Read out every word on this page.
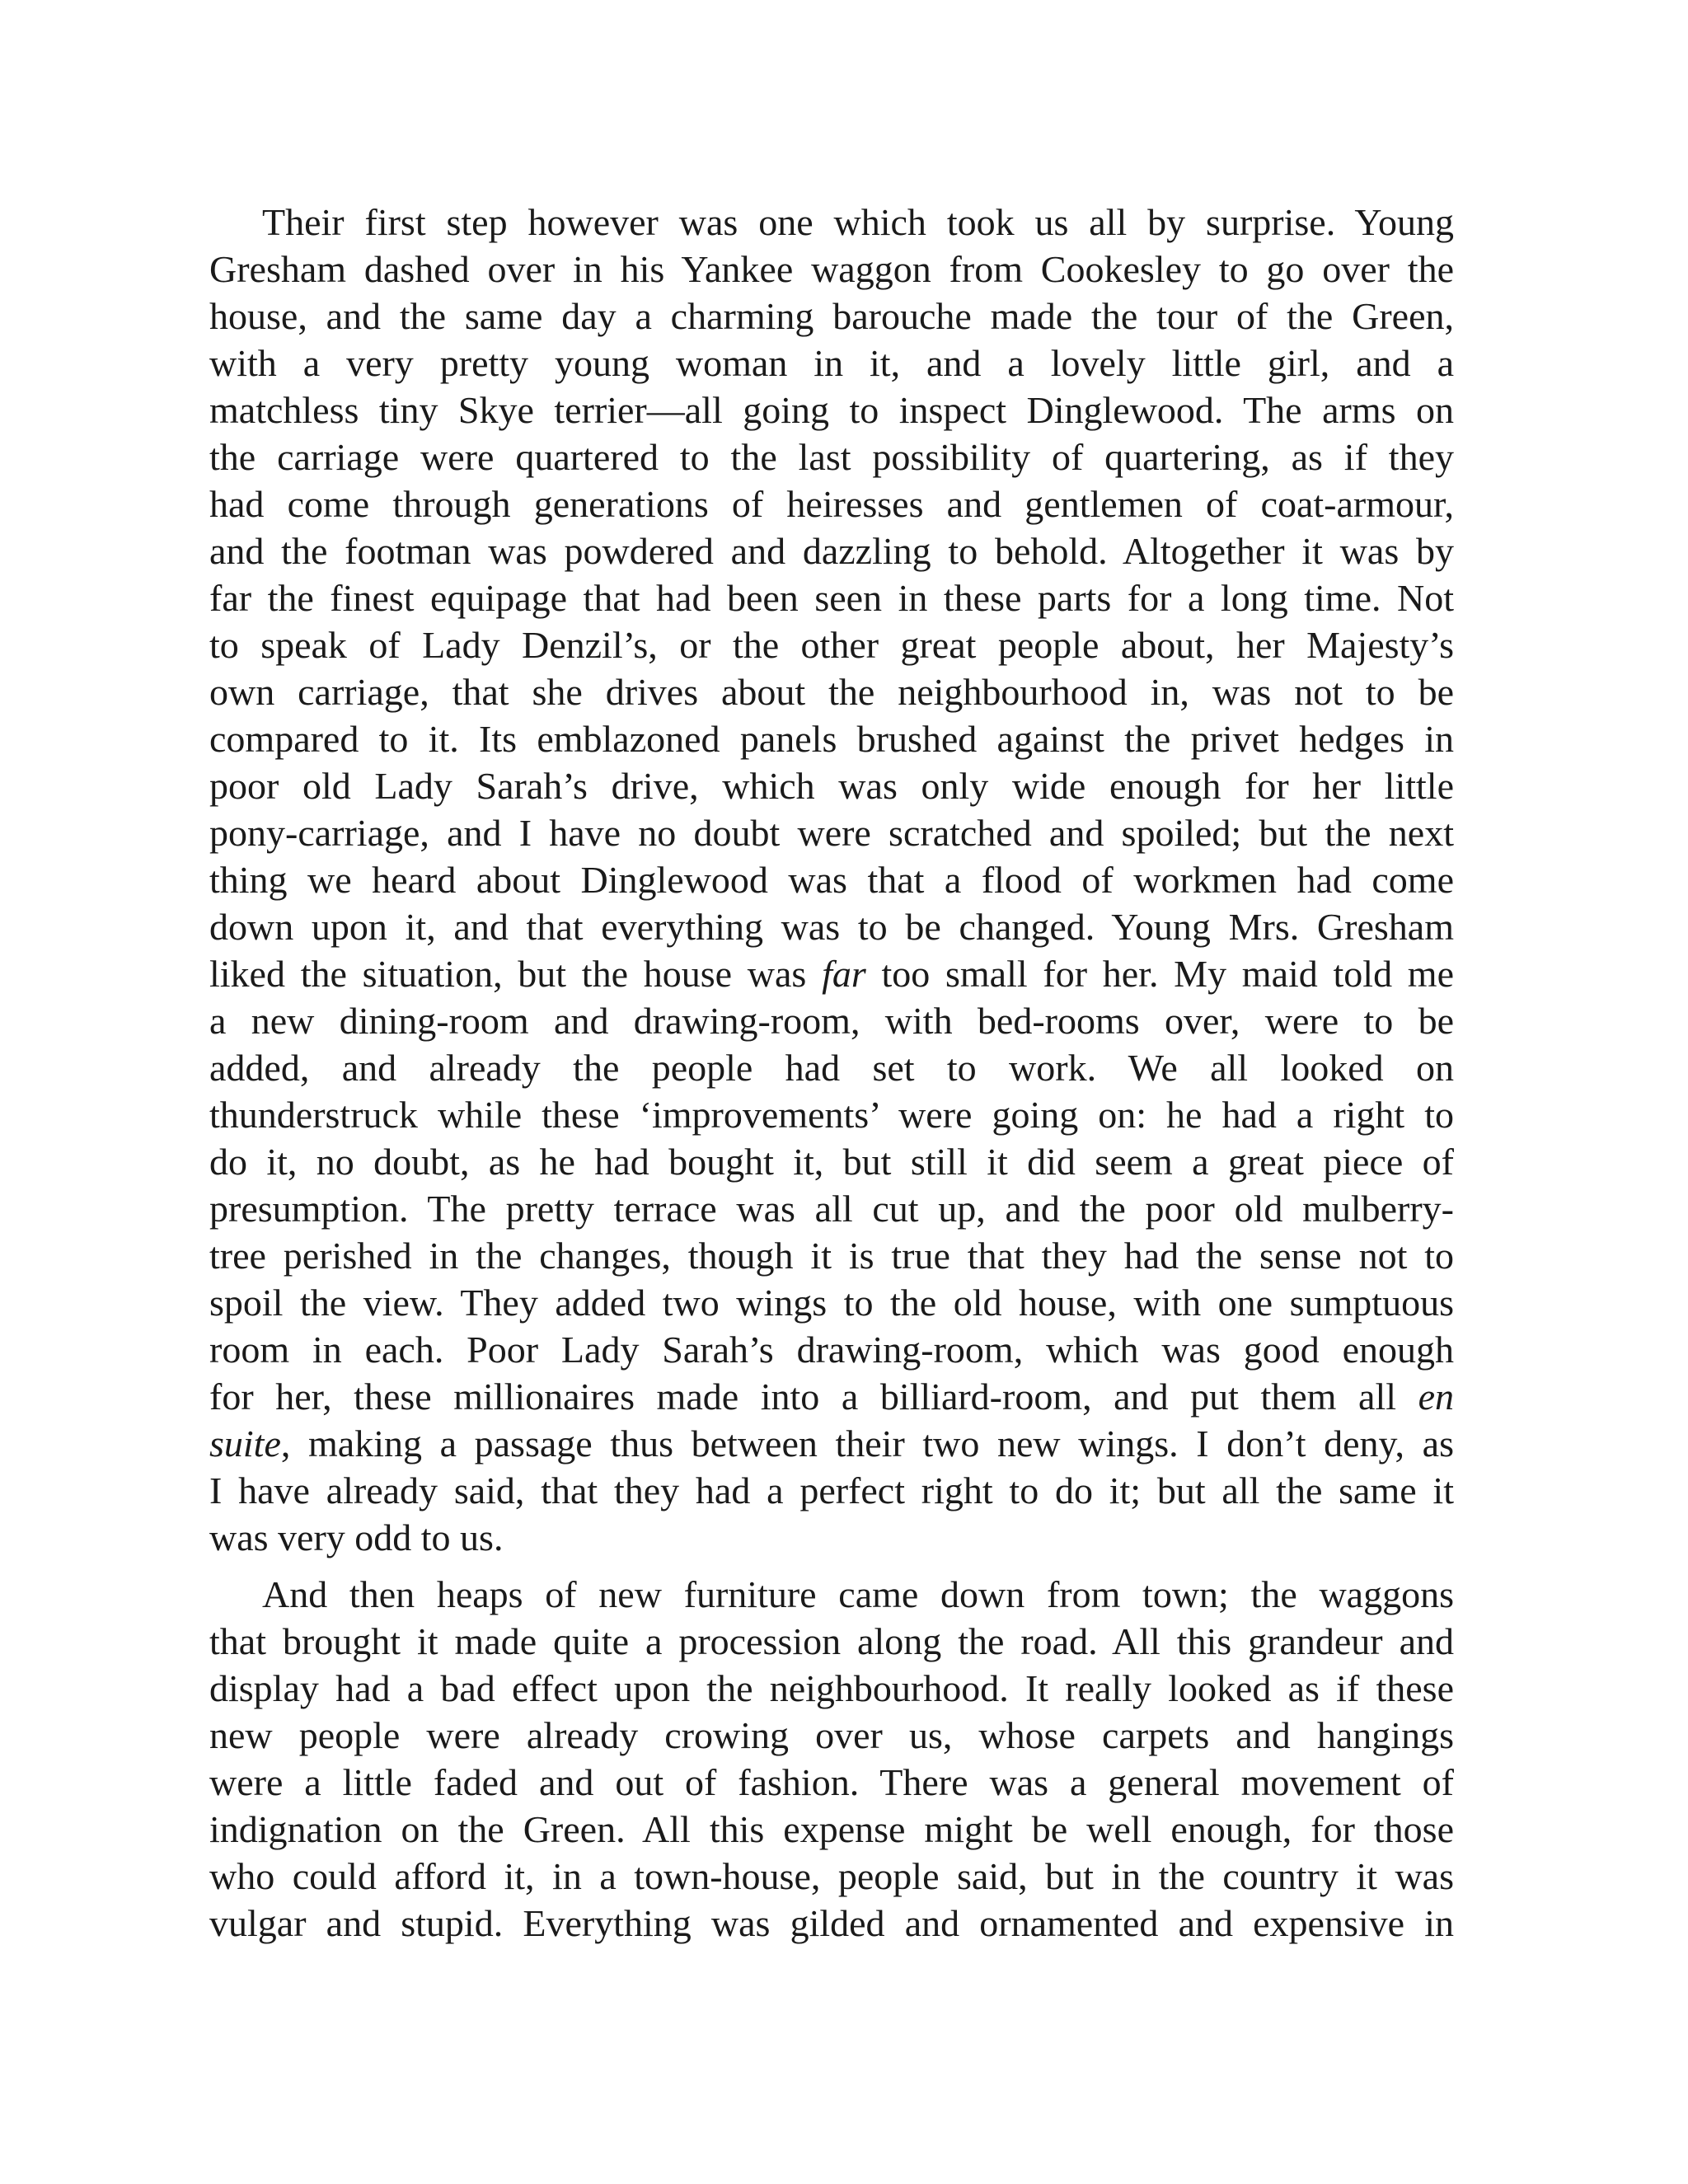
Their first step however was one which took us all by surprise. Young
Gresham dashed over in his Yankee waggon from Cookesley to go over the
house, and the same day a charming barouche made the tour of the Green,
with a very pretty young woman in it, and a lovely little girl, and a
matchless tiny Skye terrier—all going to inspect Dinglewood. The arms on
the carriage were quartered to the last possibility of quartering, as if they
had come through generations of heiresses and gentlemen of coat-armour,
and the footman was powdered and dazzling to behold. Altogether it was by
far the finest equipage that had been seen in these parts for a long time. Not
to speak of Lady Denzil’s, or the other great people about, her Majesty’s
own carriage, that she drives about the neighbourhood in, was not to be
compared to it. Its emblazoned panels brushed against the privet hedges in
poor old Lady Sarah’s drive, which was only wide enough for her little
pony-carriage, and I have no doubt were scratched and spoiled; but the next
thing we heard about Dinglewood was that a flood of workmen had come
down upon it, and that everything was to be changed. Young Mrs. Gresham
liked the situation, but the house was far too small for her. My maid told me
a new dining-room and drawing-room, with bed-rooms over, were to be
added, and already the people had set to work. We all looked on
thunderstruck while these ‘improvements’ were going on: he had a right to
do it, no doubt, as he had bought it, but still it did seem a great piece of
presumption. The pretty terrace was all cut up, and the poor old mulberry-
tree perished in the changes, though it is true that they had the sense not to
spoil the view. They added two wings to the old house, with one sumptuous
room in each. Poor Lady Sarah’s drawing-room, which was good enough
for her, these millionaires made into a billiard-room, and put them all en
suite, making a passage thus between their two new wings. I don’t deny, as
I have already said, that they had a perfect right to do it; but all the same it
was very odd to us.

And then heaps of new furniture came down from town; the waggons
that brought it made quite a procession along the road. All this grandeur and
display had a bad effect upon the neighbourhood. It really looked as if these
new people were already crowing over us, whose carpets and hangings
were a little faded and out of fashion. There was a general movement of
indignation on the Green. All this expense might be well enough, for those
who could afford it, in a town-house, people said, but in the country it was
vulgar and stupid. Everything was gilded and ornamented and expensive in
